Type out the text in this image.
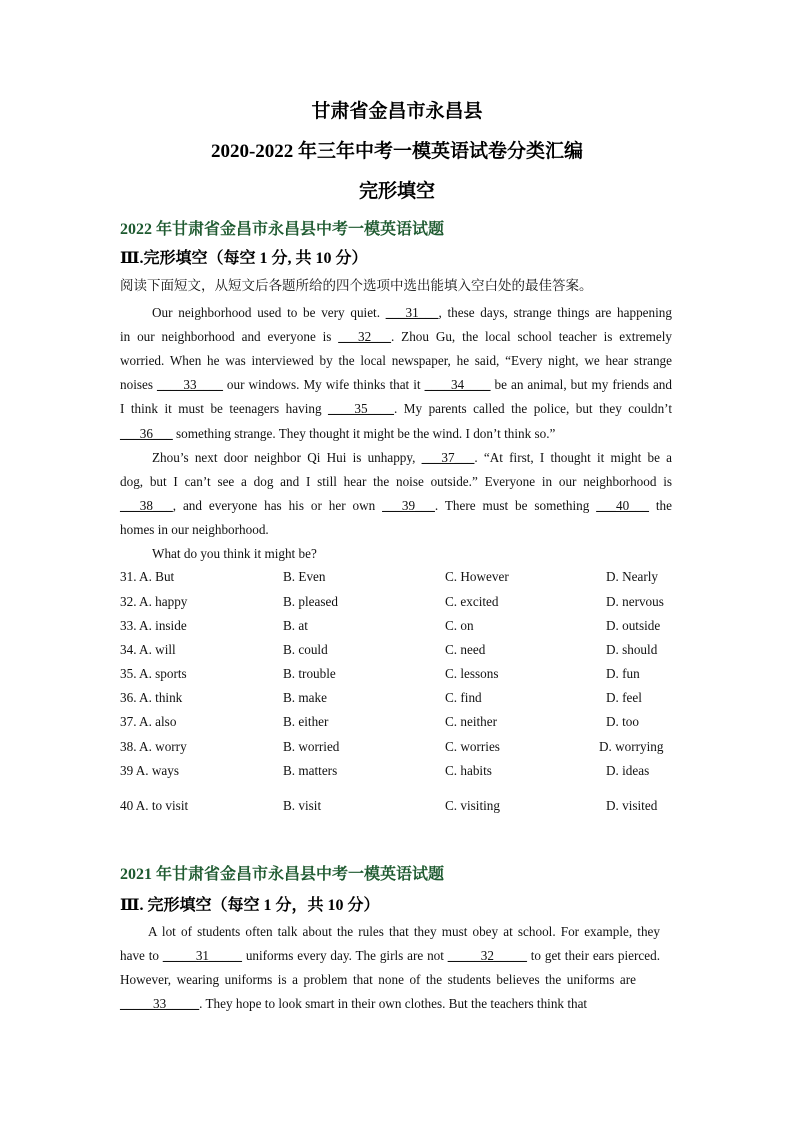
甘肃省金昌市永昌县
2020-2022 年三年中考一模英语试卷分类汇编
完形填空
2022 年甘肃省金昌市永昌县中考一模英语试题
Ⅲ.完形填空（每空 1 分, 共 10 分）
阅读下面短文，从短文后各题所给的四个选项中选出能填入空白处的最佳答案。
Our neighborhood used to be very quiet. ___31___, these days, strange things are happening
in our neighborhood and everyone is ___32___. Zhou Gu, the local school teacher is extremely
worried. When he was interviewed by the local newspaper, he said, “Every night, we hear strange
noises ____33____ our windows. My wife thinks that it ____34____ be an animal, but my friends and
I think it must be teenagers having ____35____. My parents called the police, but they couldn’t
___36___ something strange. They thought it might be the wind. I don’t think so.”
Zhou’s next door neighbor Qi Hui is unhappy, ___37___. “At first, I thought it might be a
dog, but I can’t see a dog and I still hear the noise outside.” Everyone in our neighborhood is
___38___, and everyone has his or her own ___39___. There must be something ___40___ the
homes in our neighborhood.
What do you think it might be?
31. A. But	B. Even	C. However	D. Nearly
32. A. happy	B. pleased	C. excited	D. nervous
33. A. inside	B. at	C. on	D. outside
34. A. will	B. could	C. need	D. should
35. A. sports	B. trouble	C. lessons	D. fun
36. A. think	B. make	C. find	D. feel
37. A. also	B. either	C. neither	D. too
38. A. worry	B. worried	C. worries	D. worrying
39 A. ways	B. matters	C. habits	D. ideas
40 A. to visit	B. visit	C. visiting	D. visited
2021 年甘肃省金昌市永昌县中考一模英语试题
Ⅲ. 完形填空（每空 1 分，共 10 分）
A lot of students often talk about the rules that they must obey at school. For example, they
have to _____31_____ uniforms every day. The girls are not _____32_____ to get their ears pierced.
However, wearing uniforms is a problem that none of the students believes the uniforms are
_____33_____. They hope to look smart in their own clothes. But the teachers think that
